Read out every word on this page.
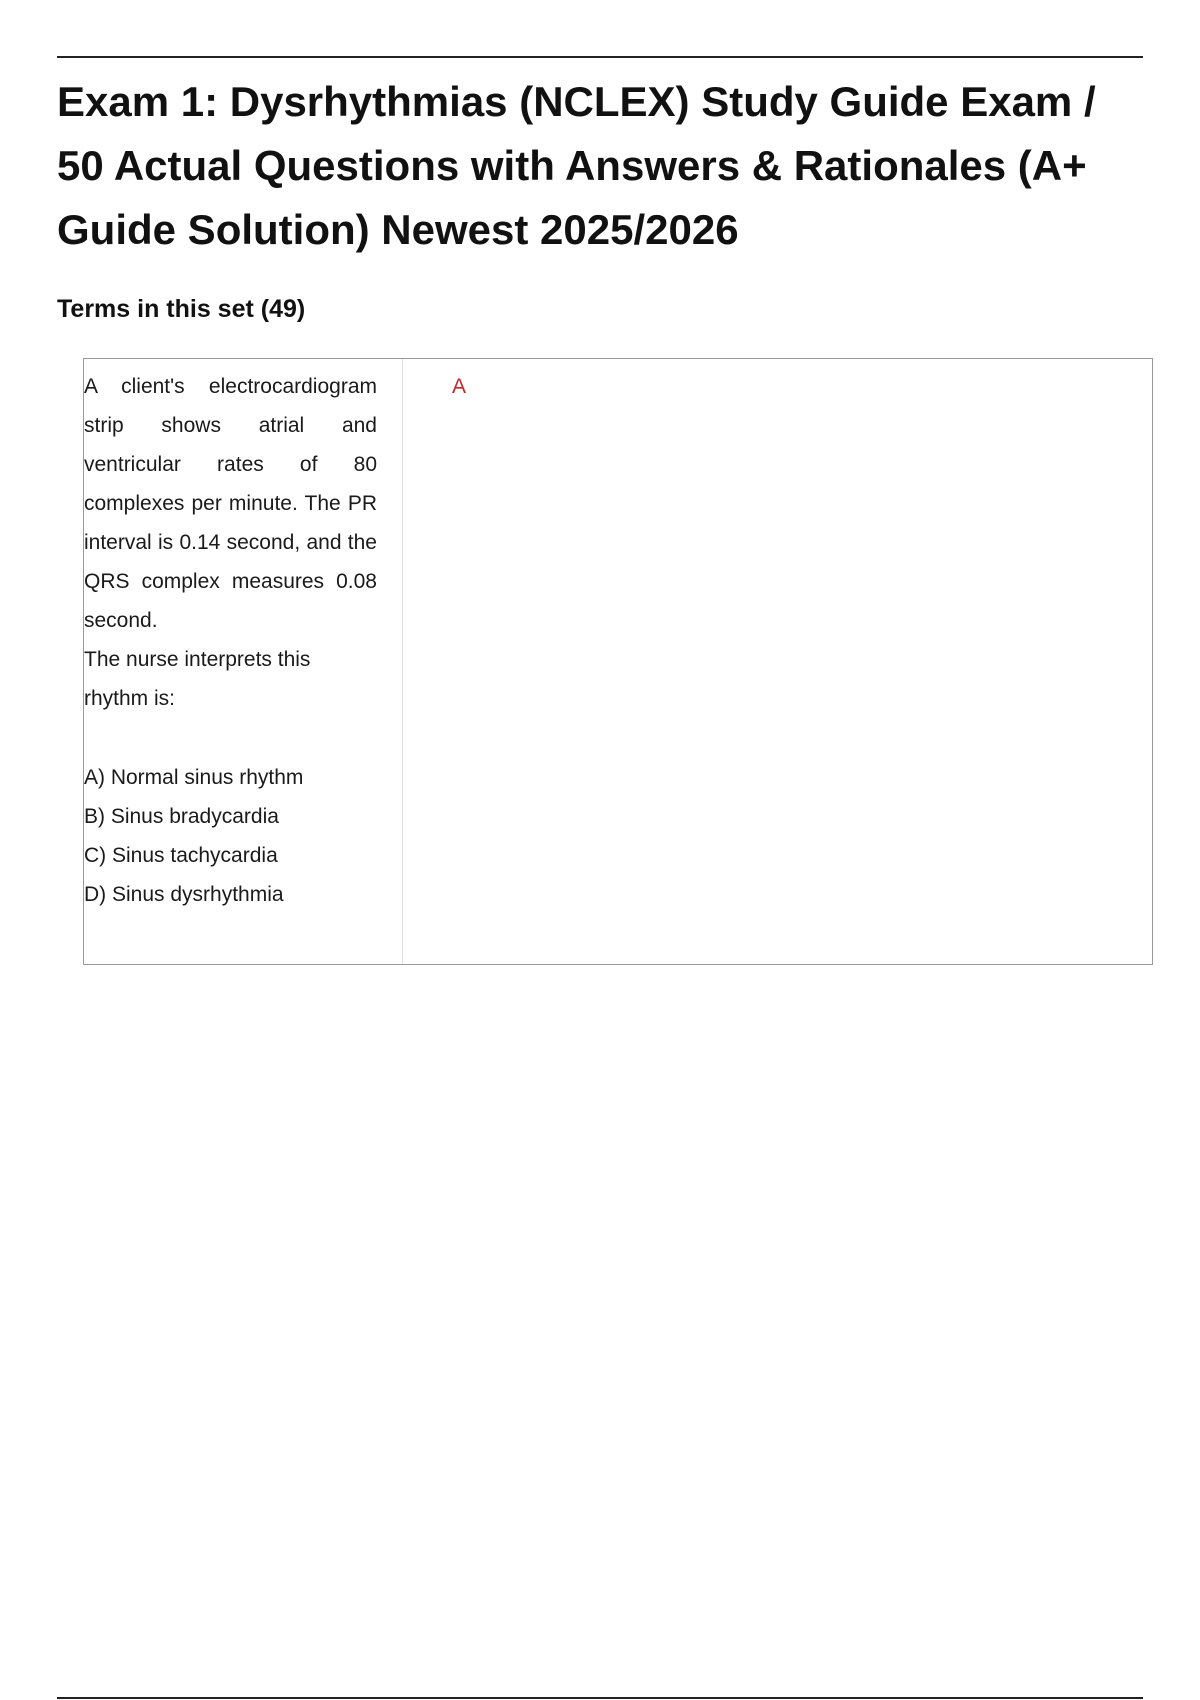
Exam 1: Dysrhythmias (NCLEX) Study Guide Exam / 50 Actual Questions with Answers & Rationales (A+ Guide Solution) Newest 2025/2026
Terms in this set (49)

A client's electrocardiogram strip shows atrial and ventricular rates of 80 complexes per minute. The PR interval is 0.14 second, and the QRS complex measures 0.08 second.

The nurse interprets this rhythm is:

A) Normal sinus rhythm
B) Sinus bradycardia
C) Sinus tachycardia
D) Sinus dysrhythmia

A
